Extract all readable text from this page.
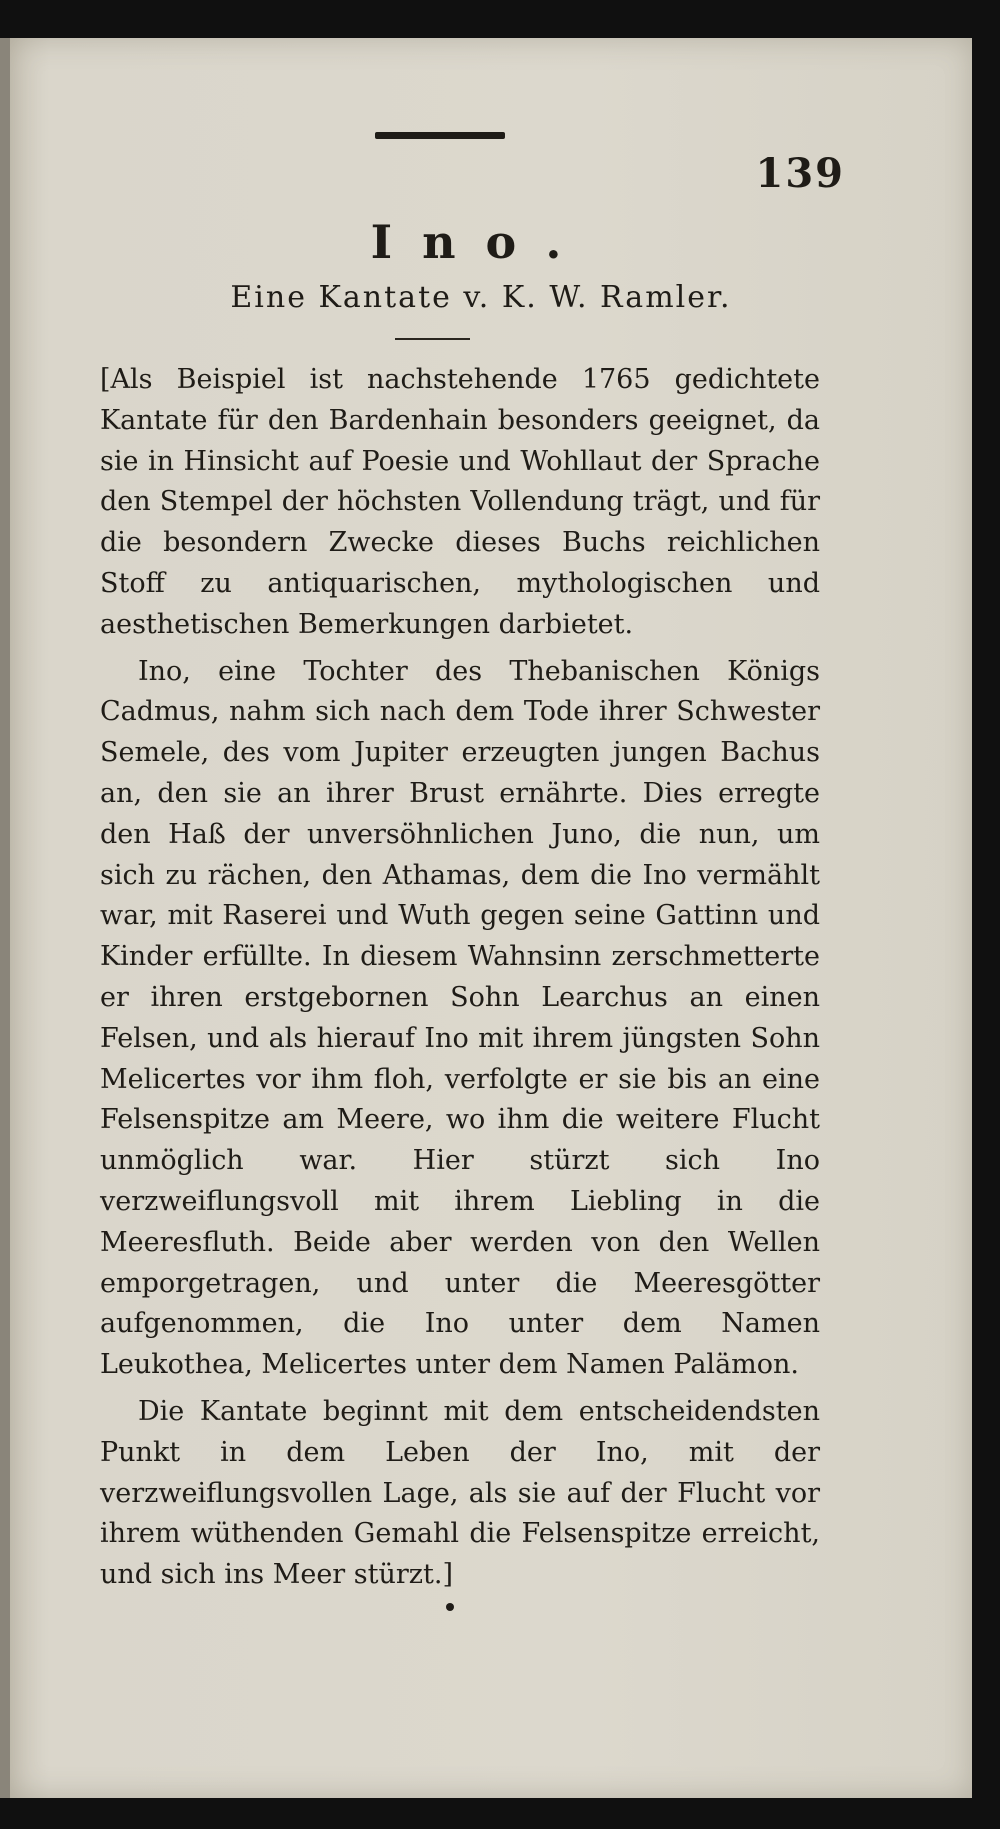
139
Ino.
Eine Kantate v. K. W. Ramler.

[Als Beispiel ist nachstehende 1765 gedichtete Kantate für den Bardenhain besonders geeignet, da sie in Hinsicht auf Poesie und Wohllaut der Sprache den Stempel der höchsten Vollendung trägt, und für die besondern Zwecke dieses Buchs reichlichen Stoff zu antiquarischen, mythologischen und aesthetischen Bemerkungen darbietet.

Ino, eine Tochter des Thebanischen Königs Cadmus, nahm sich nach dem Tode ihrer Schwester Semele, des vom Jupiter erzeugten jungen Bachus an, den sie an ihrer Brust ernährte. Dies erregte den Haß der unversöhnlichen Juno, die nun, um sich zu rächen, den Athamas, dem die Ino vermählt war, mit Raserei und Wuth gegen seine Gattinn und Kinder erfüllte. In diesem Wahnsinn zerschmetterte er ihren erstgebornen Sohn Learchus an einen Felsen, und als hierauf Ino mit ihrem jüngsten Sohn Melicertes vor ihm floh, verfolgte er sie bis an eine Felsenspitze am Meere, wo ihm die weitere Flucht unmöglich war. Hier stürzt sich Ino verzweiflungsvoll mit ihrem Liebling in die Meeresfluth. Beide aber werden von den Wellen emporgetragen, und unter die Meeresgötter aufgenommen, die Ino unter dem Namen Leukothea, Melicertes unter dem Namen Palämon.

Die Kantate beginnt mit dem entscheidendsten Punkt in dem Leben der Ino, mit der verzweiflungsvollen Lage, als sie auf der Flucht vor ihrem wüthenden Gemahl die Felsenspitze erreicht, und sich ins Meer stürzt.]
